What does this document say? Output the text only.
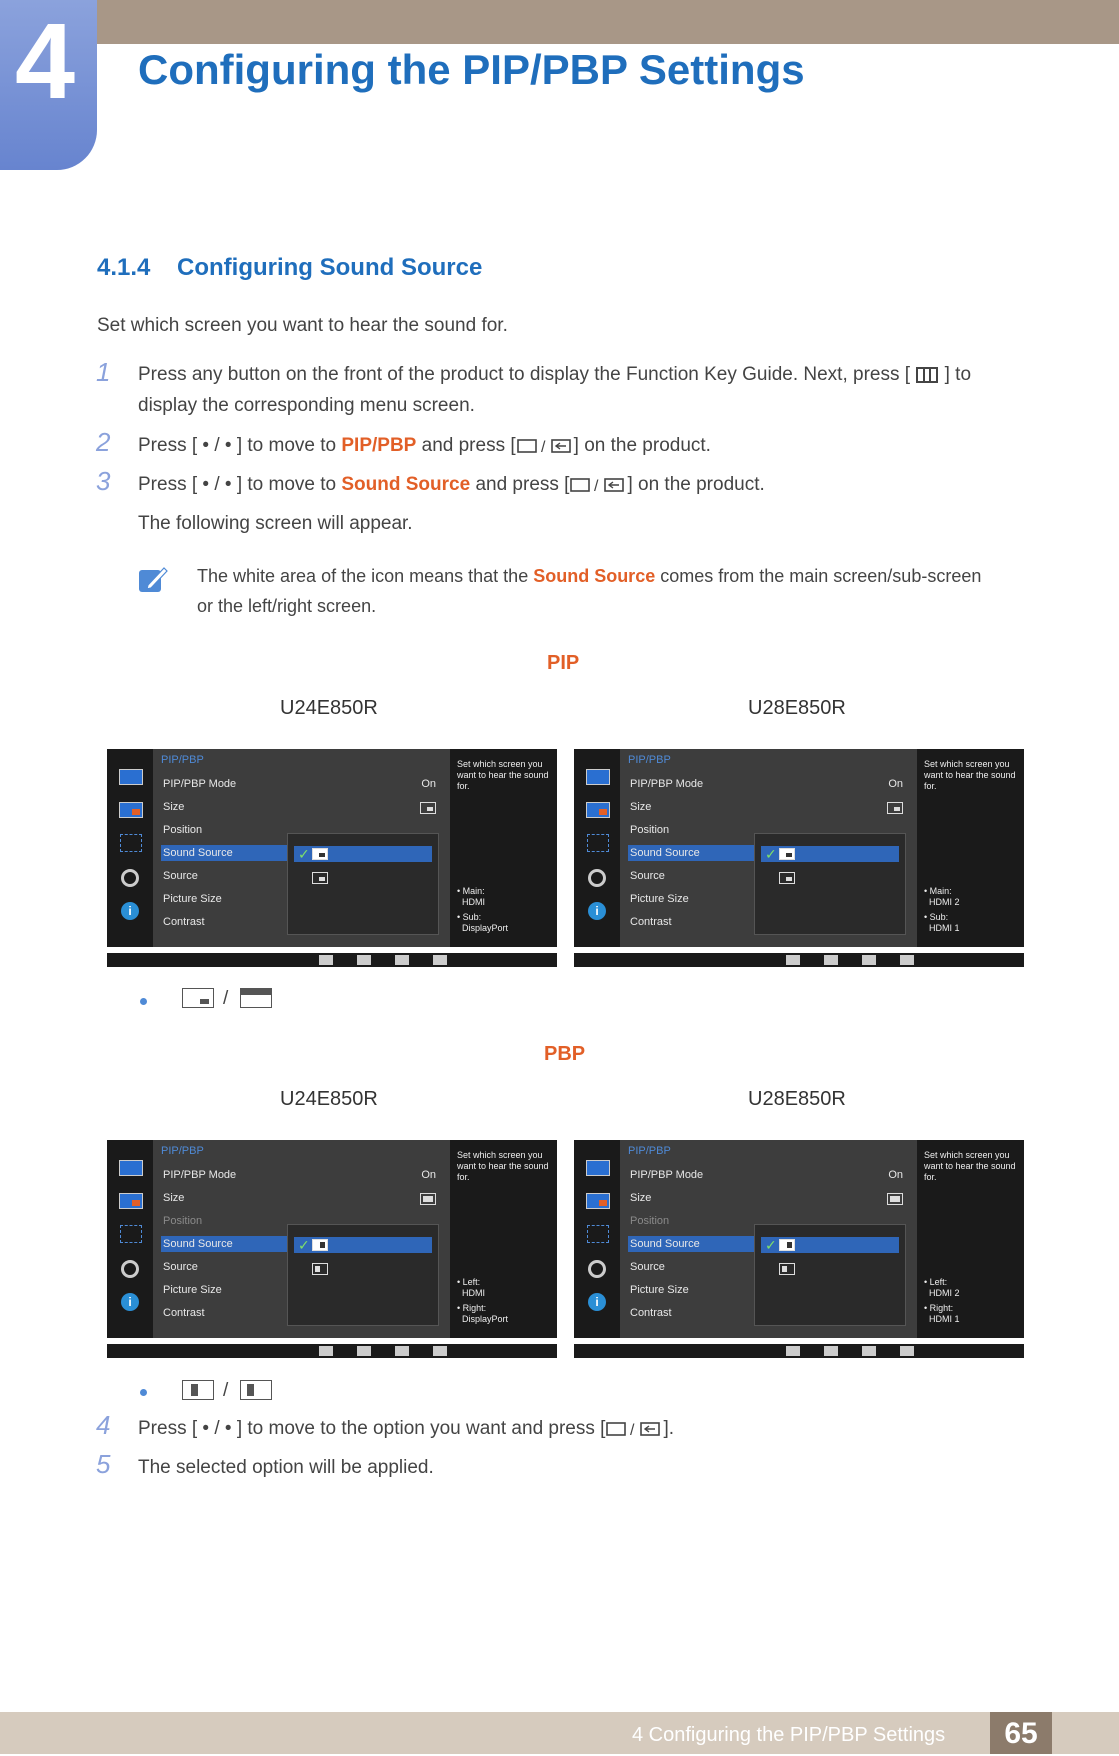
4	Configuring the PIP/PBP Settings
4.1.4 Configuring Sound Source
Set which screen you want to hear the sound for.
1 Press any button on the front of the product to display the Function Key Guide. Next, press [ ] to
display the corresponding menu screen.
2 Press [ • / • ] to move to PIP/PBP and press [ / ] on the product.
3 Press [ • / • ] to move to Sound Source and press [ / ] on the product.
The following screen will appear.
The white area of the icon means that the Sound Source comes from the main screen/sub-screen
or the left/right screen.
PIP
U24E850R	U28E850R
i
PIP/PBP
PIP/PBP Mode	On
Size
Position
Sound Source
Source
Picture Size
Contrast
✓
Set which screen you want to hear the sound for.
• Main:
HDMI
• Sub:
DisplayPort
i
PIP/PBP
PIP/PBP Mode	On
Size
Position
Sound Source
Source
Picture Size
Contrast
✓
Set which screen you want to hear the sound for.
• Main:
HDMI 2
• Sub:
HDMI 1
/
PBP
U24E850R	U28E850R
i
PIP/PBP
PIP/PBP Mode	On
Size
Position
Sound Source
Source
Picture Size
Contrast
✓
Set which screen you want to hear the sound for.
• Left:
HDMI
• Right:
DisplayPort
i
PIP/PBP
PIP/PBP Mode	On
Size
Position
Sound Source
Source
Picture Size
Contrast
✓
Set which screen you want to hear the sound for.
• Left:
HDMI 2
• Right:
HDMI 1
/
4 Press [ • / • ] to move to the option you want and press [ / ].
5 The selected option will be applied.
4 Configuring the PIP/PBP Settings	65
